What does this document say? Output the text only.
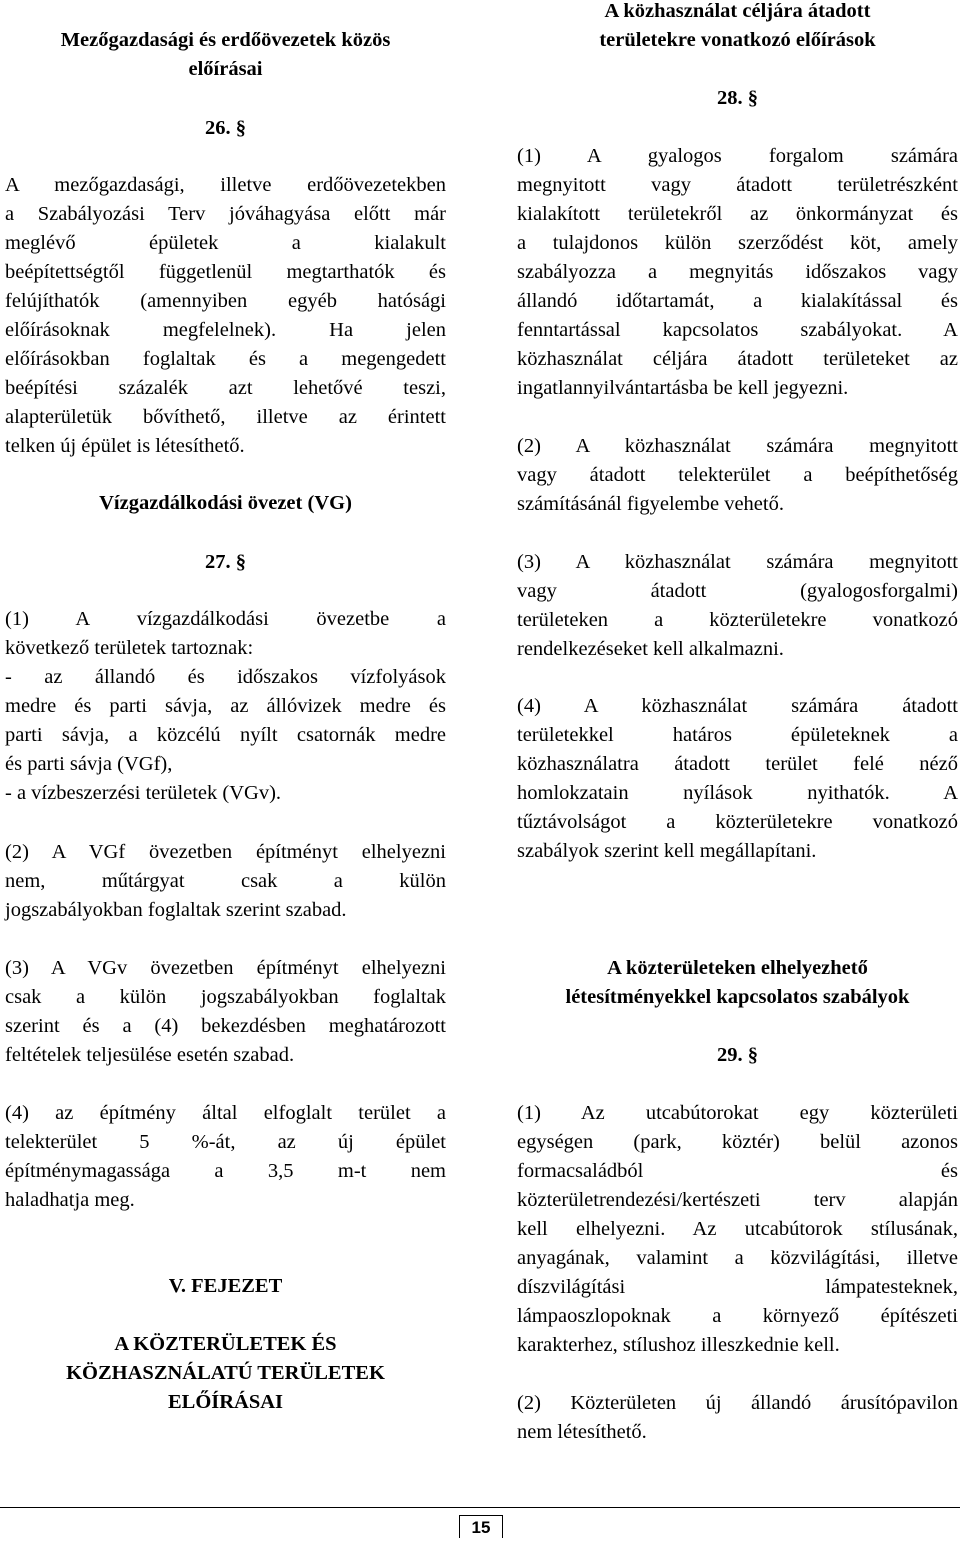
Mezőgazdasági és erdőövezetek közös
előírásai

26. §

A mezőgazdasági, illetve erdőövezetekben
a Szabályozási Terv jóváhagyása előtt már
meglévő épületek a kialakult
beépítettségtől függetlenül megtarthatók és
felújíthatók (amennyiben egyéb hatósági
előírásoknak megfelelnek). Ha jelen
előírásokban foglaltak és a megengedett
beépítési százalék azt lehetővé teszi,
alapterületük bővíthető, illetve az érintett
telken új épület is létesíthető.

Vízgazdálkodási övezet (VG)

27. §

(1) A vízgazdálkodási övezetbe a
következő területek tartoznak:
- az állandó és időszakos vízfolyások
medre és parti sávja, az állóvizek medre és
parti sávja, a közcélú nyílt csatornák medre
és parti sávja (VGf),
- a vízbeszerzési területek (VGv).

(2) A VGf övezetben építményt elhelyezni
nem, műtárgyat csak a külön
jogszabályokban foglaltak szerint szabad.

(3) A VGv övezetben építményt elhelyezni
csak a külön jogszabályokban foglaltak
szerint és a (4) bekezdésben meghatározott
feltételek teljesülése esetén szabad.

(4) az építmény által elfoglalt terület a
telekterület 5 %-át, az új épület
építménymagassága a 3,5 m-t nem
haladhatja meg.

V. FEJEZET

A KÖZTERÜLETEK ÉS
KÖZHASZNÁLATÚ TERÜLETEK
ELŐÍRÁSAI

A közhasználat céljára átadott
területekre vonatkozó előírások

28. §

(1) A gyalogos forgalom számára
megnyitott vagy átadott területrészként
kialakított területekről az önkormányzat és
a tulajdonos külön szerződést köt, amely
szabályozza a megnyitás időszakos vagy
állandó időtartamát, a kialakítással és
fenntartással kapcsolatos szabályokat. A
közhasználat céljára átadott területeket az
ingatlannyilvántartásba be kell jegyezni.

(2) A közhasználat számára megnyitott
vagy átadott telekterület a beépíthetőség
számításánál figyelembe vehető.

(3) A közhasználat számára megnyitott
vagy átadott (gyalogosforgalmi)
területeken a közterületekre vonatkozó
rendelkezéseket kell alkalmazni.

(4) A közhasználat számára átadott
területekkel határos épületeknek a
közhasználatra átadott terület felé néző
homlokzatain nyílások nyithatók. A
tűztávolságot a közterületekre vonatkozó
szabályok szerint kell megállapítani.

A közterületeken elhelyezhető
létesítményekkel kapcsolatos szabályok

29. §

(1) Az utcabútorokat egy közterületi
egységen (park, köztér) belül azonos
formacsaládból és
közterületrendezési/kertészeti terv alapján
kell elhelyezni. Az utcabútorok stílusának,
anyagának, valamint a közvilágítási, illetve
díszvilágítási lámpatesteknek,
lámpaoszlopoknak a környező építészeti
karakterhez, stílushoz illeszkednie kell.

(2) Közterületen új állandó árusítópavilon
nem létesíthető.

15
